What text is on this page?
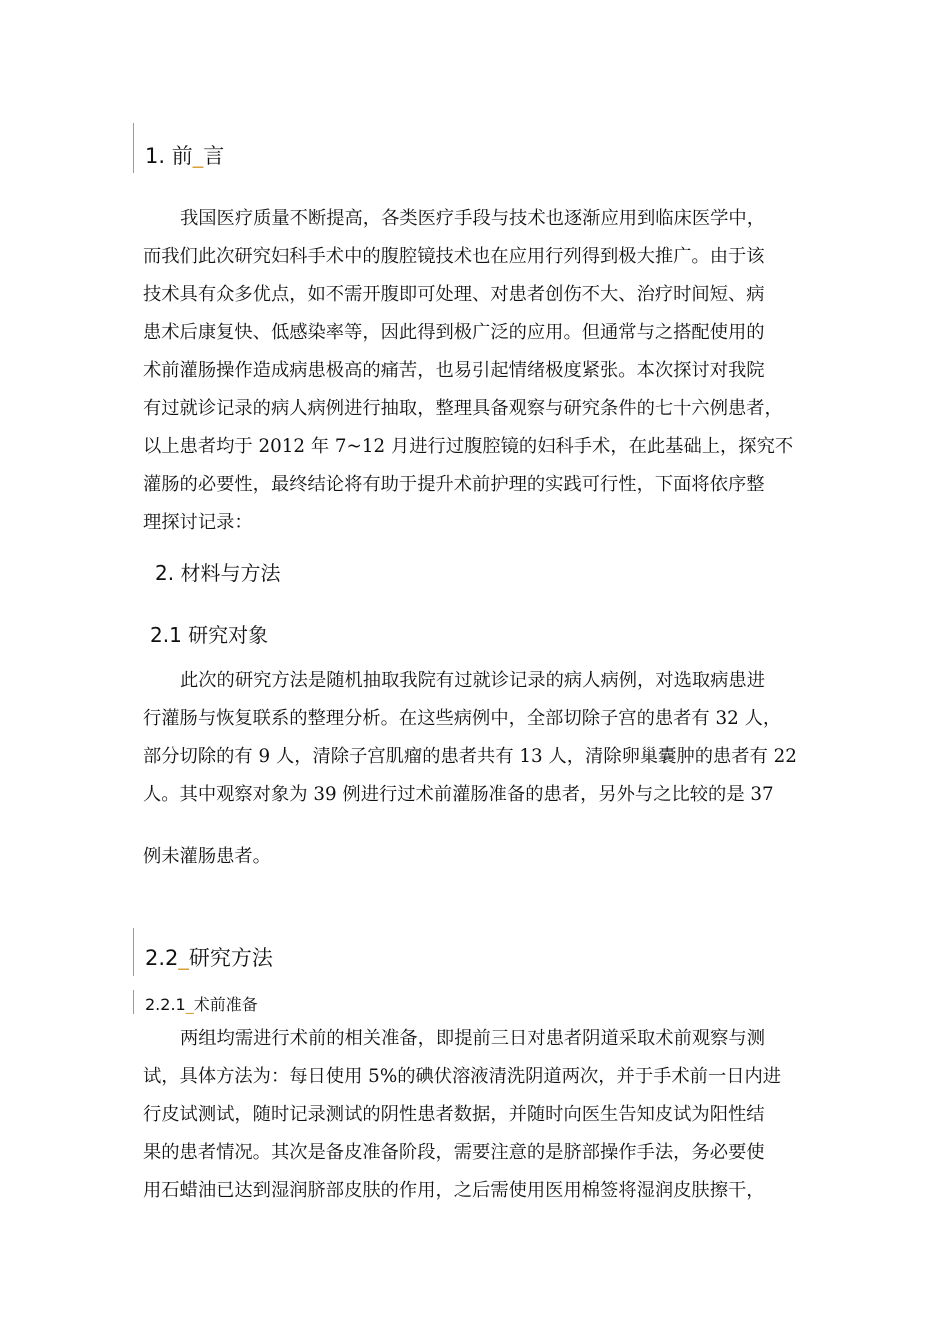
1. 前_言
我国医疗质量不断提高，各类医疗手段与技术也逐渐应用到临床医学中，
而我们此次研究妇科手术中的腹腔镜技术也在应用行列得到极大推广。由于该
技术具有众多优点，如不需开腹即可处理、对患者创伤不大、治疗时间短、病
患术后康复快、低感染率等，因此得到极广泛的应用。但通常与之搭配使用的
术前灌肠操作造成病患极高的痛苦，也易引起情绪极度紧张。本次探讨对我院
有过就诊记录的病人病例进行抽取，整理具备观察与研究条件的七十六例患者，
以上患者均于 2012 年 7~12 月进行过腹腔镜的妇科手术，在此基础上，探究不
灌肠的必要性，最终结论将有助于提升术前护理的实践可行性，下面将依序整
理探讨记录：
2. 材料与方法
2.1 研究对象
此次的研究方法是随机抽取我院有过就诊记录的病人病例，对选取病患进
行灌肠与恢复联系的整理分析。在这些病例中，全部切除子宫的患者有 32 人，
部分切除的有 9 人，清除子宫肌瘤的患者共有 13 人，清除卵巢囊肿的患者有 22
人。其中观察对象为 39 例进行过术前灌肠准备的患者，另外与之比较的是 37
例未灌肠患者。
2.2_研究方法
2.2.1_术前准备
两组均需进行术前的相关准备，即提前三日对患者阴道采取术前观察与测
试，具体方法为：每日使用 5%的碘伏溶液清洗阴道两次，并于手术前一日内进
行皮试测试，随时记录测试的阴性患者数据，并随时向医生告知皮试为阳性结
果的患者情况。其次是备皮准备阶段，需要注意的是脐部操作手法，务必要使
用石蜡油已达到湿润脐部皮肤的作用，之后需使用医用棉签将湿润皮肤擦干，
